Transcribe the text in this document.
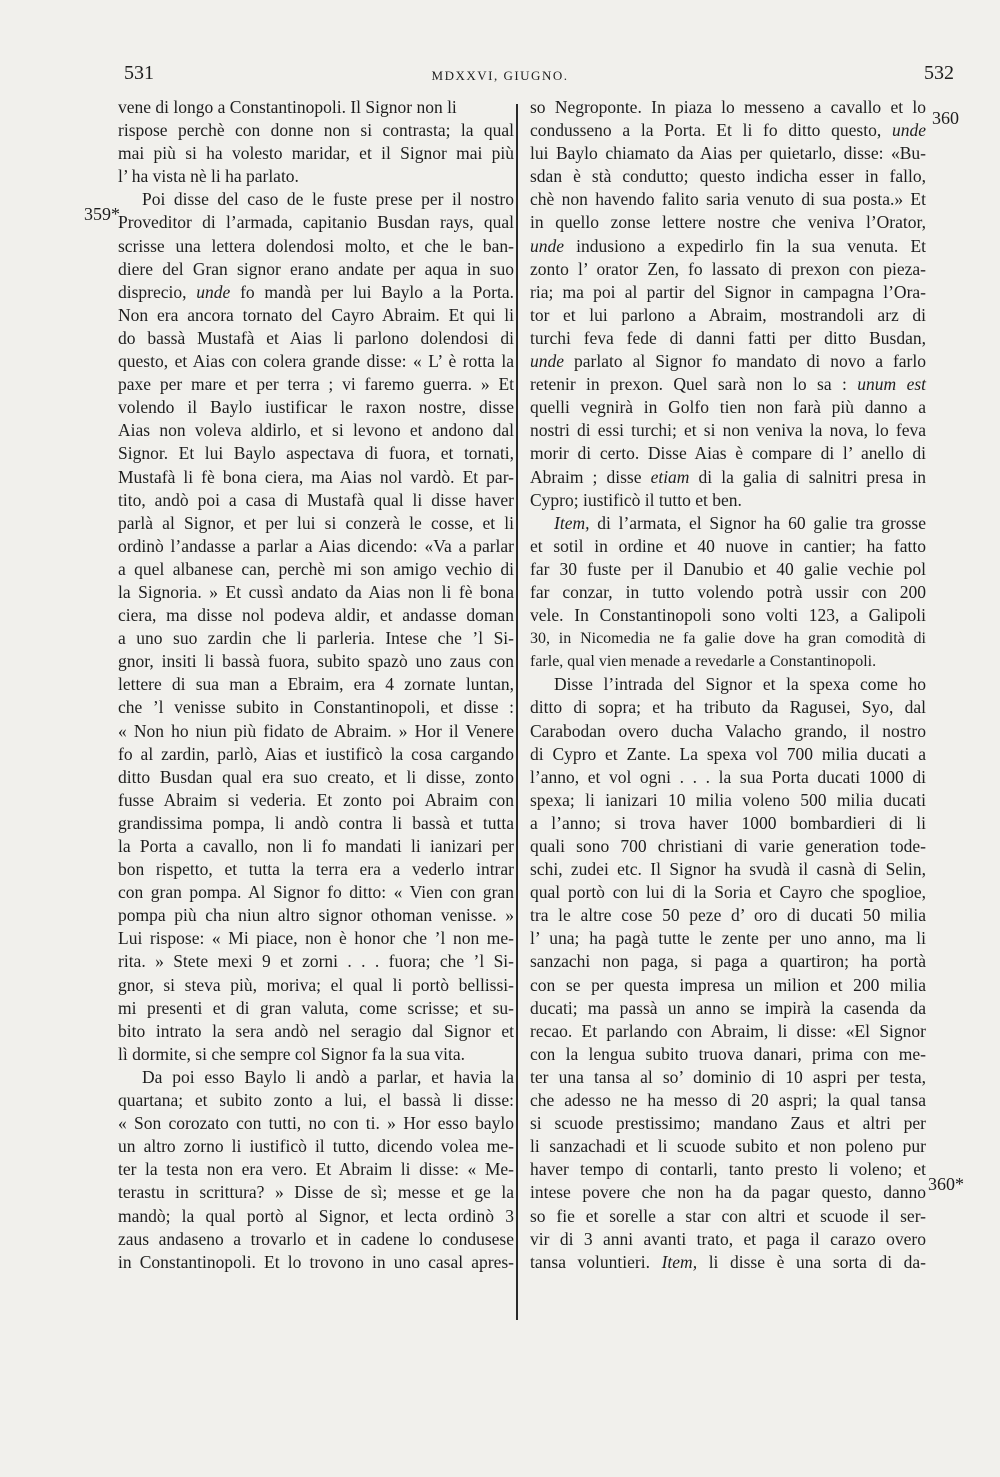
531	MDXXVI, GIUGNO.	532
359*
360
360*
vene di longo a Constantinopoli. Il Signor non li
rispose perchè con donne non si contrasta; la qual
mai più si ha volesto maridar, et il Signor mai più
l’ ha vista nè li ha parlato.
Poi disse del caso de le fuste prese per il nostro
Proveditor di l’armada, capitanio Busdan rays, qual
scrisse una lettera dolendosi molto, et che le ban-
diere del Gran signor erano andate per aqua in suo
disprecio, unde fo mandà per lui Baylo a la Porta.
Non era ancora tornato del Cayro Abraim. Et qui li
do bassà Mustafà et Aias li parlono dolendosi di
questo, et Aias con colera grande disse: « L’ è rotta la
paxe per mare et per terra ; vi faremo guerra. » Et
volendo il Baylo iustificar le raxon nostre, disse
Aias non voleva aldirlo, et si levono et andono dal
Signor. Et lui Baylo aspectava di fuora, et tornati,
Mustafà li fè bona ciera, ma Aias nol vardò. Et par-
tito, andò poi a casa di Mustafà qual li disse haver
parlà al Signor, et per lui si conzerà le cosse, et li
ordinò l’andasse a parlar a Aias dicendo: «Va a parlar
a quel albanese can, perchè mi son amigo vechio di
la Signoria. » Et cussì andato da Aias non li fè bona
ciera, ma disse nol podeva aldir, et andasse doman
a uno suo zardin che li parleria. Intese che ’l Si-
gnor, insiti li bassà fuora, subito spazò uno zaus con
lettere di sua man a Ebraim, era 4 zornate luntan,
che ’l venisse subito in Constantinopoli, et disse :
« Non ho niun più fidato de Abraim. » Hor il Venere
fo al zardin, parlò, Aias et iustificò la cosa cargando
ditto Busdan qual era suo creato, et li disse, zonto
fusse Abraim si vederia. Et zonto poi Abraim con
grandissima pompa, li andò contra li bassà et tutta
la Porta a cavallo, non li fo mandati li ianizari per
bon rispetto, et tutta la terra era a vederlo intrar
con gran pompa. Al Signor fo ditto: « Vien con gran
pompa più cha niun altro signor othoman venisse. »
Lui rispose: « Mi piace, non è honor che ’l non me-
rita. » Stete mexi 9 et zorni . . . fuora; che ’l Si-
gnor, si steva più, moriva; el qual li portò bellissi-
mi presenti et di gran valuta, come scrisse; et su-
bito intrato la sera andò nel seragio dal Signor et
lì dormite, si che sempre col Signor fa la sua vita.
Da poi esso Baylo li andò a parlar, et havia la
quartana; et subito zonto a lui, el bassà li disse:
« Son corozato con tutti, no con ti. » Hor esso baylo
un altro zorno li iustificò il tutto, dicendo volea me-
ter la testa non era vero. Et Abraim li disse: « Me-
terastu in scrittura? » Disse de sì; messe et ge la
mandò; la qual portò al Signor, et lecta ordinò 3
zaus andaseno a trovarlo et in cadene lo condusese
in Constantinopoli. Et lo trovono in uno casal apres-
so Negroponte. In piaza lo messeno a cavallo et lo
condusseno a la Porta. Et li fo ditto questo, unde
lui Baylo chiamato da Aias per quietarlo, disse: «Bu-
sdan è stà condutto; questo indicha esser in fallo,
chè non havendo falito saria venuto di sua posta.» Et
in quello zonse lettere nostre che veniva l’Orator,
unde indusiono a expedirlo fin la sua venuta. Et
zonto l’ orator Zen, fo lassato di prexon con pieza-
ria; ma poi al partir del Signor in campagna l’Ora-
tor et lui parlono a Abraim, mostrandoli arz di
turchi feva fede di danni fatti per ditto Busdan,
unde parlato al Signor fo mandato di novo a farlo
retenir in prexon. Quel sarà non lo sa : unum est
quelli vegnirà in Golfo tien non farà più danno a
nostri di essi turchi; et si non veniva la nova, lo feva
morir di certo. Disse Aias è compare di l’ anello di
Abraim ; disse etiam di la galia di salnitri presa in
Cypro; iustificò il tutto et ben.
Item, di l’armata, el Signor ha 60 galie tra grosse
et sotil in ordine et 40 nuove in cantier; ha fatto
far 30 fuste per il Danubio et 40 galie vechie pol
far conzar, in tutto volendo potrà ussir con 200
vele. In Constantinopoli sono volti 123, a Galipoli
30, in Nicomedia ne fa galie dove ha gran comodità di
farle, qual vien menade a revedarle a Constantinopoli.
Disse l’intrada del Signor et la spexa come ho
ditto di sopra; et ha tributo da Ragusei, Syo, dal
Carabodan overo ducha Valacho grando, il nostro
di Cypro et Zante. La spexa vol 700 milia ducati a
l’anno, et vol ogni . . . la sua Porta ducati 1000 di
spexa; li ianizari 10 milia voleno 500 milia ducati
a l’anno; si trova haver 1000 bombardieri di li
quali sono 700 christiani di varie generation tode-
schi, zudei etc. Il Signor ha svudà il casnà di Selin,
qual portò con lui di la Soria et Cayro che spoglioe,
tra le altre cose 50 peze d’ oro di ducati 50 milia
l’ una; ha pagà tutte le zente per uno anno, ma li
sanzachi non paga, si paga a quartiron; ha portà
con se per questa impresa un milion et 200 milia
ducati; ma passà un anno se impirà la casenda da
recao. Et parlando con Abraim, li disse: «El Signor
con la lengua subito truova danari, prima con me-
ter una tansa al so’ dominio di 10 aspri per testa,
che adesso ne ha messo di 20 aspri; la qual tansa
si scuode prestissimo; mandano Zaus et altri per
li sanzachadi et li scuode subito et non poleno pur
haver tempo di contarli, tanto presto li voleno; et
intese povere che non ha da pagar questo, danno
so fie et sorelle a star con altri et scuode il ser-
vir di 3 anni avanti trato, et paga il carazo overo
tansa voluntieri. Item, li disse è una sorta di da-
